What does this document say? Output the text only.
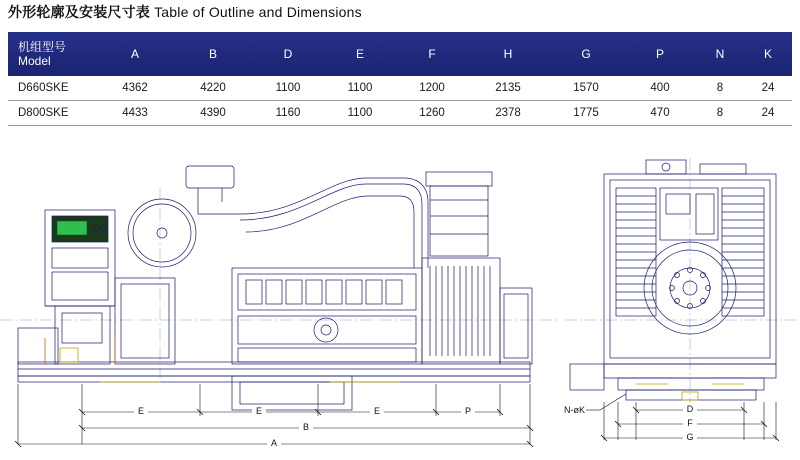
外形轮廓及安装尺寸表 Table of Outline and Dimensions
机组型号
Model	A	B	D	E	F	H	G	P	N	K
D660SKE	4362	4220	1100	1100	1200	2135	1570	400	8	24
D800SKE	4433	4390	1160	1100	1260	2378	1775	470	8	24
E	E	E	P
B
A
D
F
G
N-øK
